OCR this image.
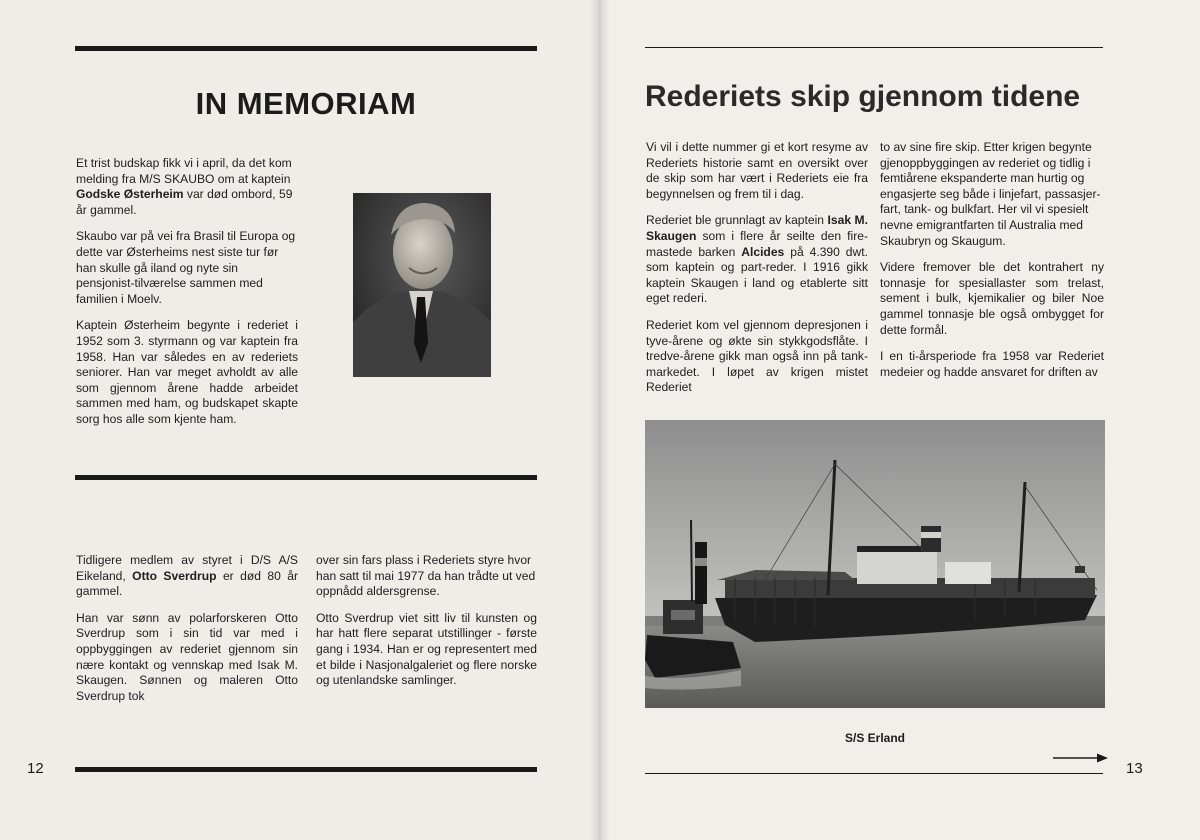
IN MEMORIAM

Et trist budskap fikk vi i april, da det kom melding fra M/S SKAUBO om at kaptein Godske Østerheim var død ombord, 59 år gammel.

Skaubo var på vei fra Brasil til Europa og dette var Østerheims nest siste tur før han skulle gå iland og nyte sin pensjonist-tilværelse sammen med familien i Moelv.

Kaptein Østerheim begynte i rederiet i 1952 som 3. styrmann og var kaptein fra 1958. Han var således en av rederiets seniorer. Han var meget avholdt av alle som gjennom årene hadde arbeidet sammen med ham, og budskapet skapte sorg hos alle som kjente ham.

Tidligere medlem av styret i D/S A/S Eikeland, Otto Sverdrup er død 80 år gammel.

Han var sønn av polarforskeren Otto Sverdrup som i sin tid var med i oppbyggingen av rederiet gjennom sin nære kontakt og vennskap med Isak M. Skaugen. Sønnen og maleren Otto Sverdrup tok

over sin fars plass i Rederiets styre hvor han satt til mai 1977 da han trådte ut ved oppnådd aldersgrense.

Otto Sverdrup viet sitt liv til kunsten og har hatt flere separat utstillinger - første gang i 1934. Han er og representert med et bilde i Nasjonalgaleriet og flere norske og utenlandske samlinger.

12
Rederiets skip gjennom tidene

Vi vil i dette nummer gi et kort resyme av Rederiets historie samt en oversikt over de skip som har vært i Rederiets eie fra begynnelsen og frem til i dag.

Rederiet ble grunnlagt av kaptein Isak M. Skaugen som i flere år seilte den fire-mastede barken Alcides på 4.390 dwt. som kaptein og part-reder. I 1916 gikk kaptein Skaugen i land og etablerte sitt eget rederi.

Rederiet kom vel gjennom depresjonen i tyve-årene og økte sin stykkgodsflåte. I tredve-årene gikk man også inn på tank-markedet. I løpet av krigen mistet Rederiet

to av sine fire skip. Etter krigen begynte gjenoppbyggingen av rederiet og tidlig i femtiårene ekspanderte man hurtig og engasjerte seg både i linjefart, passasjer-fart, tank- og bulkfart. Her vil vi spesielt nevne emigrantfarten til Australia med Skaubryn og Skaugum.

Videre fremover ble det kontrahert ny tonnasje for spesiallaster som trelast, sement i bulk, kjemikalier og biler Noe gammel tonnasje ble også ombygget for dette formål.

I en ti-årsperiode fra 1958 var Rederiet medeier og hadde ansvaret for driften av

S/S Erland
13
